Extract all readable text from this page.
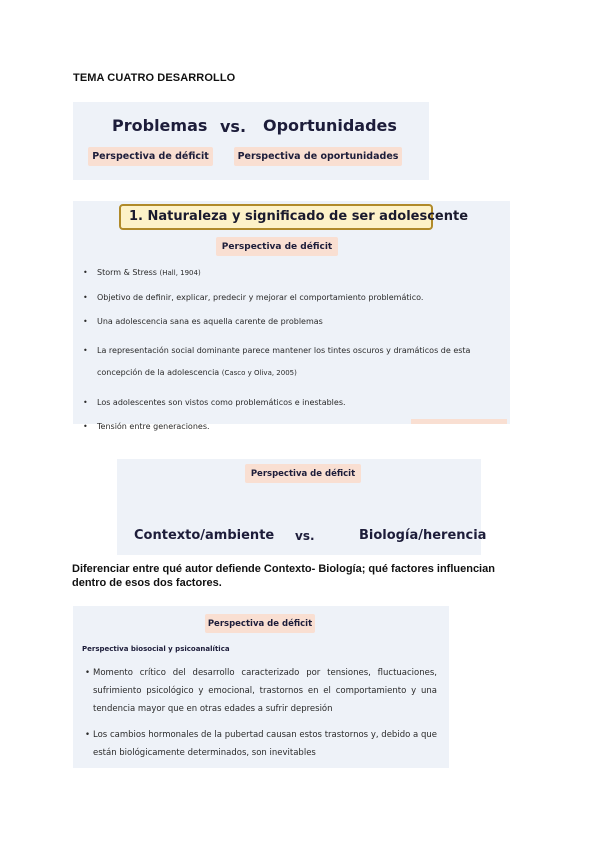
TEMA CUATRO DESARROLLO
Problemas vs. Oportunidades
Perspectiva de déficit	Perspectiva de oportunidades
1. Naturaleza y significado de ser adolescente
Perspectiva de déficit
• Storm & Stress (Hall, 1904)
• Objetivo de definir, explicar, predecir y mejorar el comportamiento problemático.
• Una adolescencia sana es aquella carente de problemas
• La representación social dominante parece mantener los tintes oscuros y dramáticos de esta concepción de la adolescencia (Casco y Oliva, 2005)
• Los adolescentes son vistos como problemáticos e inestables.
• Tensión entre generaciones.
Perspectiva de déficit
Contexto/ambiente vs.	Biología/herencia
Diferenciar entre qué autor defiende Contexto- Biología; qué factores influencian dentro de esos dos factores.
Perspectiva de déficit
Perspectiva biosocial y psicoanalítica
• Momento crítico del desarrollo caracterizado por tensiones, fluctuaciones, sufrimiento psicológico y emocional, trastornos en el comportamiento y una tendencia mayor que en otras edades a sufrir depresión
• Los cambios hormonales de la pubertad causan estos trastornos y, debido a que están biológicamente determinados, son inevitables
